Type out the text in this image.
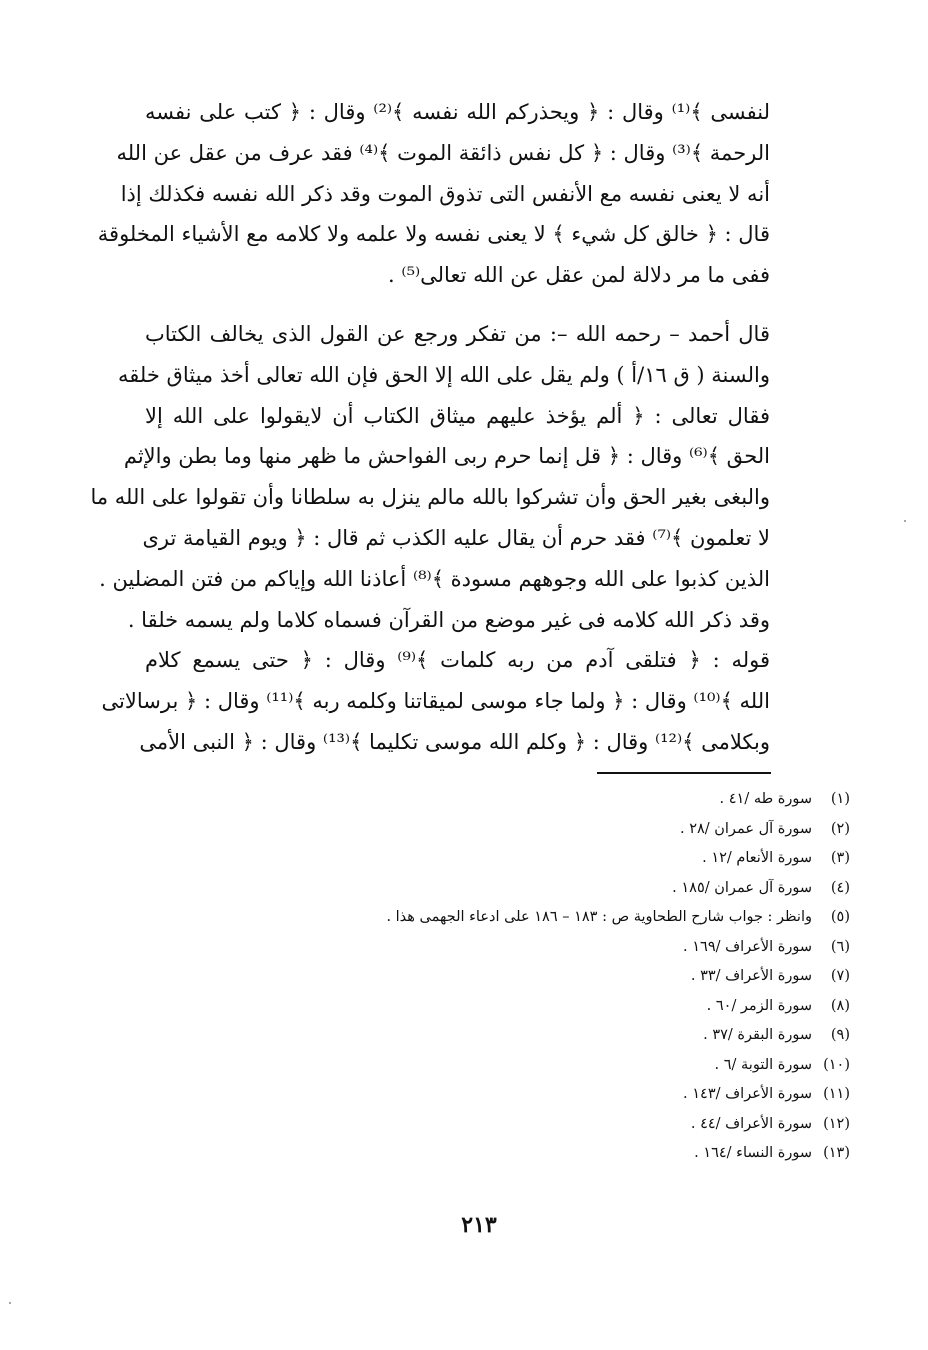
لنفسى ﴾⁽¹⁾ وقال : ﴿ ويحذركم الله نفسه ﴾⁽²⁾ وقال : ﴿ كتب على نفسه
الرحمة ﴾⁽³⁾ وقال : ﴿ كل نفس ذائقة الموت ﴾⁽⁴⁾ فقد عرف من عقل عن الله
أنه لا يعنى نفسه مع الأنفس التى تذوق الموت وقد ذكر الله نفسه فكذلك إذا
قال : ﴿ خالق كل شيء ﴾ لا يعنى نفسه ولا علمه ولا كلامه مع الأشياء المخلوقة
ففى ما مر دلالة لمن عقل عن الله تعالى⁽⁵⁾ .
قال أحمد – رحمه الله –: من تفكر ورجع عن القول الذى يخالف الكتاب
والسنة ( ق ١٦/أ ) ولم يقل على الله إلا الحق فإن الله تعالى أخذ ميثاق خلقه
فقال تعالى : ﴿ ألم يؤخذ عليهم ميثاق الكتاب أن لايقولوا على الله إلا
الحق ﴾⁽⁶⁾ وقال : ﴿ قل إنما حرم ربى الفواحش ما ظهر منها وما بطن والإثم
والبغى بغير الحق وأن تشركوا بالله مالم ينزل به سلطانا وأن تقولوا على الله ما
لا تعلمون ﴾⁽⁷⁾ فقد حرم أن يقال عليه الكذب ثم قال : ﴿ ويوم القيامة ترى
الذين كذبوا على الله وجوههم مسودة ﴾⁽⁸⁾ أعاذنا الله وإياكم من فتن المضلين .
وقد ذكر الله كلامه فى غير موضع من القرآن فسماه كلاما ولم يسمه خلقا .
قوله : ﴿ فتلقى آدم من ربه كلمات ﴾⁽⁹⁾ وقال : ﴿ حتى يسمع كلام
الله ﴾⁽¹⁰⁾ وقال : ﴿ ولما جاء موسى لميقاتنا وكلمه ربه ﴾⁽¹¹⁾ وقال : ﴿ برسالاتى
وبكلامى ﴾⁽¹²⁾ وقال : ﴿ وكلم الله موسى تكليما ﴾⁽¹³⁾ وقال : ﴿ النبى الأمى
(١)سورة طه /٤١ .
(٢)سورة آل عمران /٢٨ .
(٣)سورة الأنعام /١٢ .
(٤)سورة آل عمران /١٨٥ .
(٥)وانظر : جواب شارح الطحاوية ص : ١٨٣ – ١٨٦ على ادعاء الجهمى هذا .
(٦)سورة الأعراف /١٦٩ .
(٧)سورة الأعراف /٣٣ .
(٨)سورة الزمر /٦٠ .
(٩)سورة البقرة /٣٧ .
(١٠)سورة التوبة /٦ .
(١١)سورة الأعراف /١٤٣ .
(١٢)سورة الأعراف /٤٤ .
(١٣)سورة النساء /١٦٤ .
٢١٣
